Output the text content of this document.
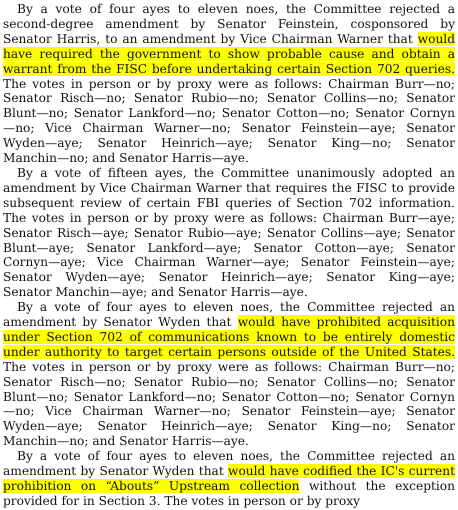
By a vote of four ayes to eleven noes, the Committee rejected a second-degree amendment by Senator Feinstein, cosponsored by Senator Harris, to an amendment by Vice Chairman Warner that would have required the government to show probable cause and obtain a warrant from the FISC before undertaking certain Section 702 queries. The votes in person or by proxy were as follows: Chairman Burr—no; Senator Risch—no; Senator Rubio—no; Senator Collins—no; Senator Blunt—no; Senator Lankford—no; Senator Cotton—no; Senator Cornyn—no; Vice Chairman Warner—no; Senator Feinstein—aye; Senator Wyden—aye; Senator Heinrich—aye; Senator King—no; Senator Manchin—no; and Senator Harris—aye.

By a vote of fifteen ayes, the Committee unanimously adopted an amendment by Vice Chairman Warner that requires the FISC to provide subsequent review of certain FBI queries of Section 702 information. The votes in person or by proxy were as follows: Chairman Burr—aye; Senator Risch—aye; Senator Rubio—aye; Senator Collins—aye; Senator Blunt—aye; Senator Lankford—aye; Senator Cotton—aye; Senator Cornyn—aye; Vice Chairman Warner—aye; Senator Feinstein—aye; Senator Wyden—aye; Senator Heinrich—aye; Senator King—aye; Senator Manchin—aye; and Senator Harris—aye.

By a vote of four ayes to eleven noes, the Committee rejected an amendment by Senator Wyden that would have prohibited acquisition under Section 702 of communications known to be entirely domestic under authority to target certain persons outside of the United States. The votes in person or by proxy were as follows: Chairman Burr—no; Senator Risch—no; Senator Rubio—no; Senator Collins—no; Senator Blunt—no; Senator Lankford—no; Senator Cotton—no; Senator Cornyn—no; Vice Chairman Warner—no; Senator Feinstein—aye; Senator Wyden—aye; Senator Heinrich—aye; Senator King—no; Senator Manchin—no; and Senator Harris—aye.

By a vote of four ayes to eleven noes, the Committee rejected an amendment by Senator Wyden that would have codified the IC's current prohibition on “Abouts” Upstream collection without the exception provided for in Section 3. The votes in person or by proxy
